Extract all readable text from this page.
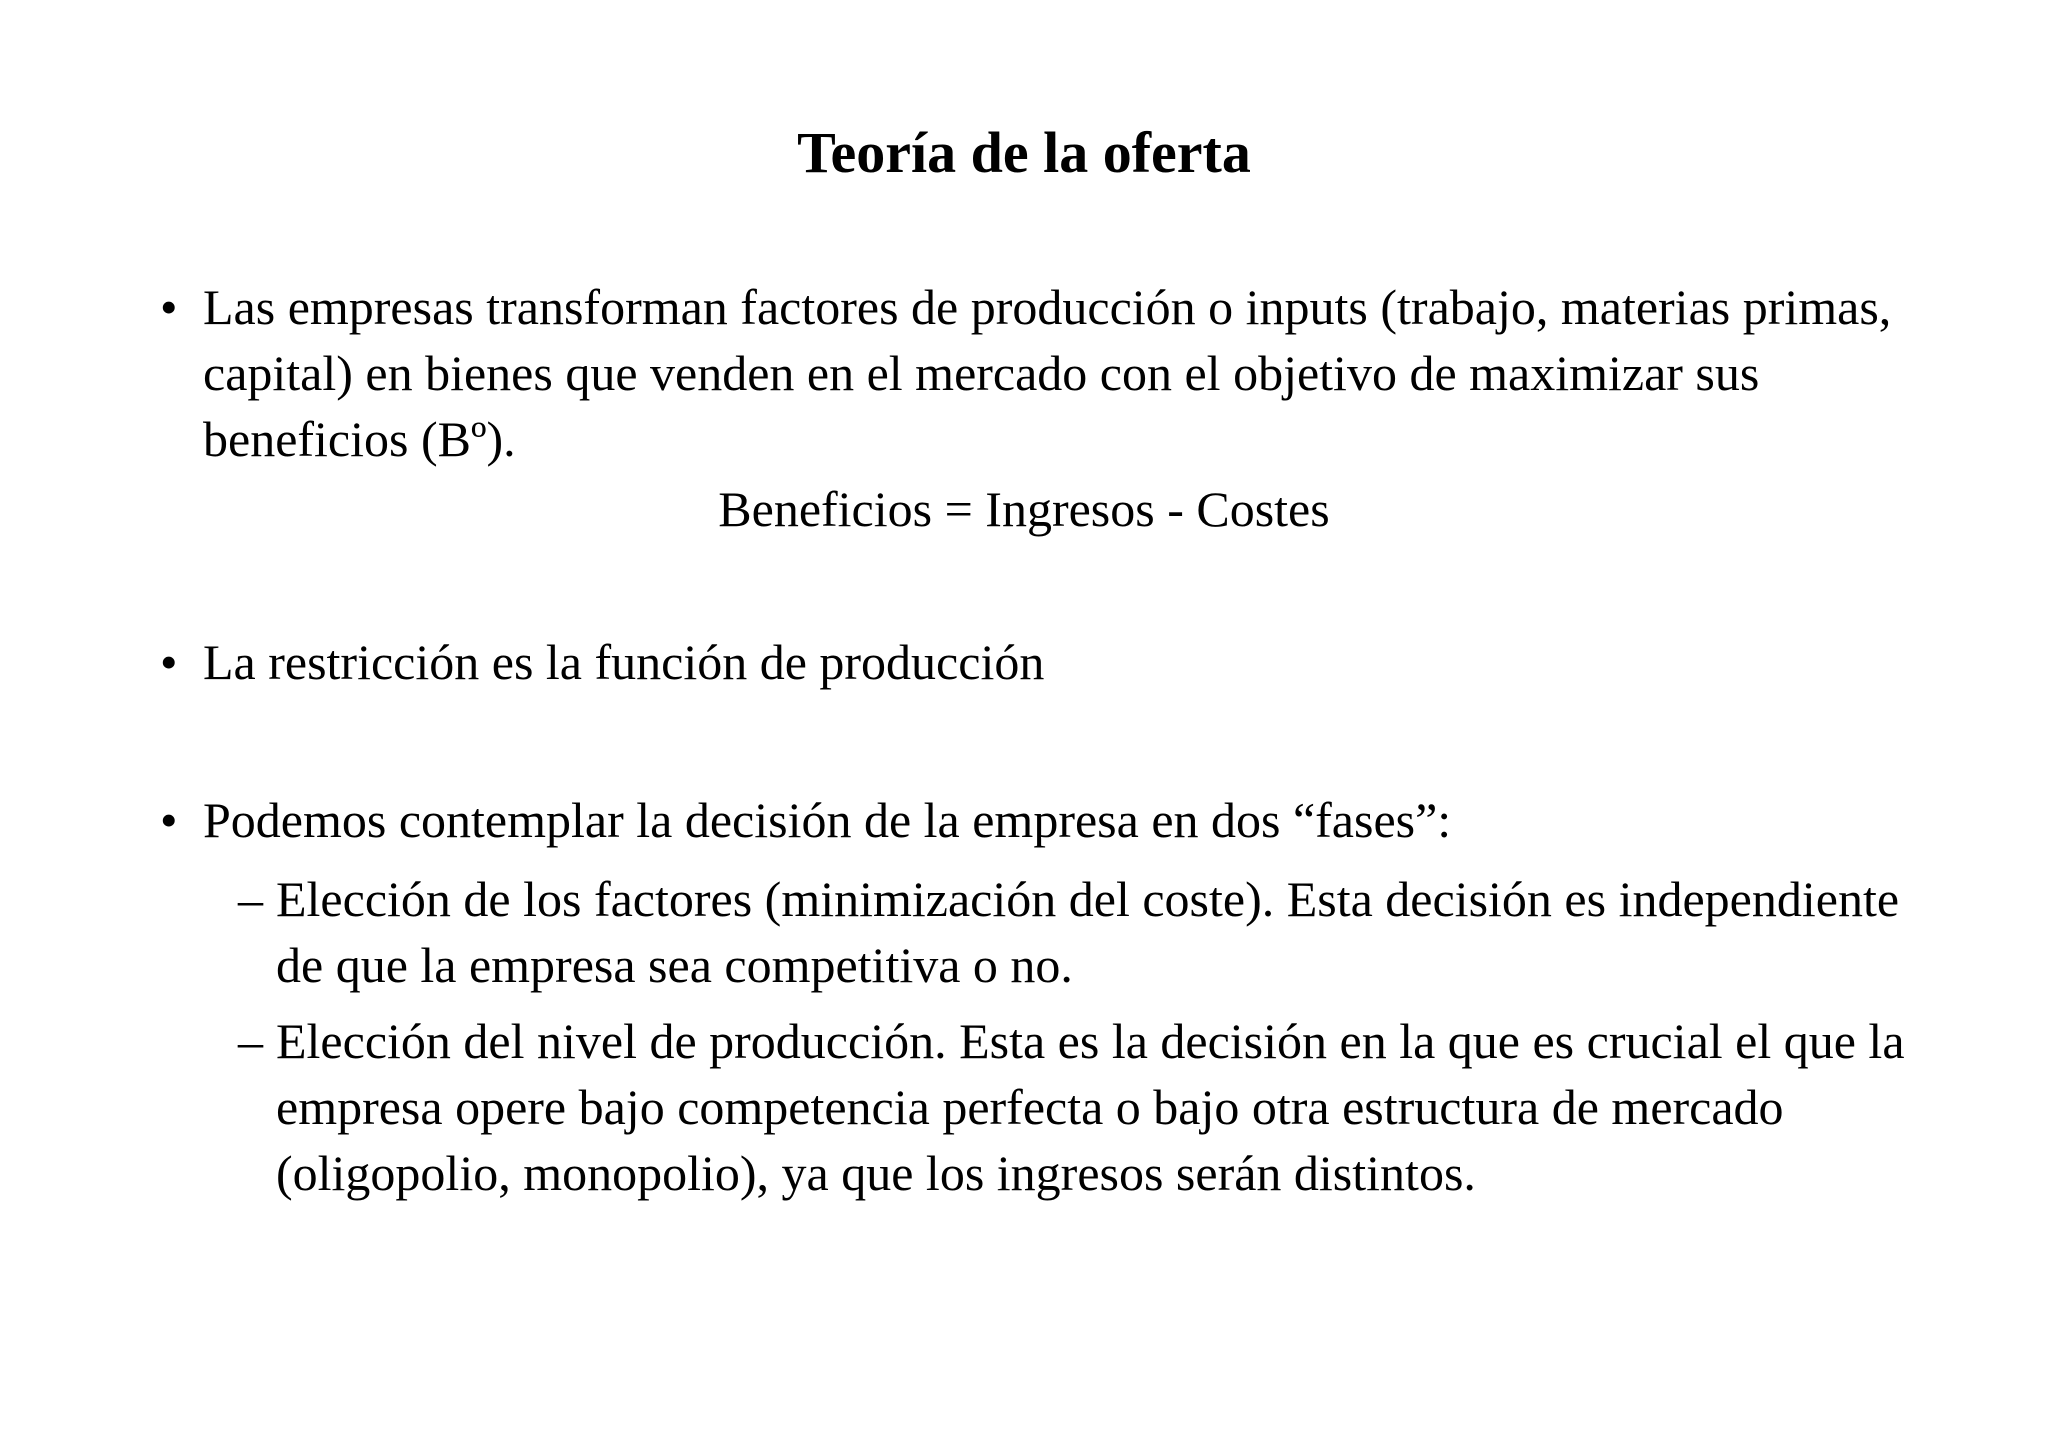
Teoría de la oferta
• Las empresas transforman factores de producción o inputs (trabajo, materias primas, capital) en bienes que venden en el mercado con el objetivo de maximizar sus beneficios (Bº).
Beneficios = Ingresos - Costes
• La restricción es la función de producción
• Podemos contemplar la decisión de la empresa en dos “fases”:
– Elección de los factores (minimización del coste). Esta decisión es independiente de que la empresa sea competitiva o no.
– Elección del nivel de producción. Esta es la decisión en la que es crucial el que la empresa opere bajo competencia perfecta o bajo otra estructura de mercado (oligopolio, monopolio), ya que los ingresos serán distintos.
